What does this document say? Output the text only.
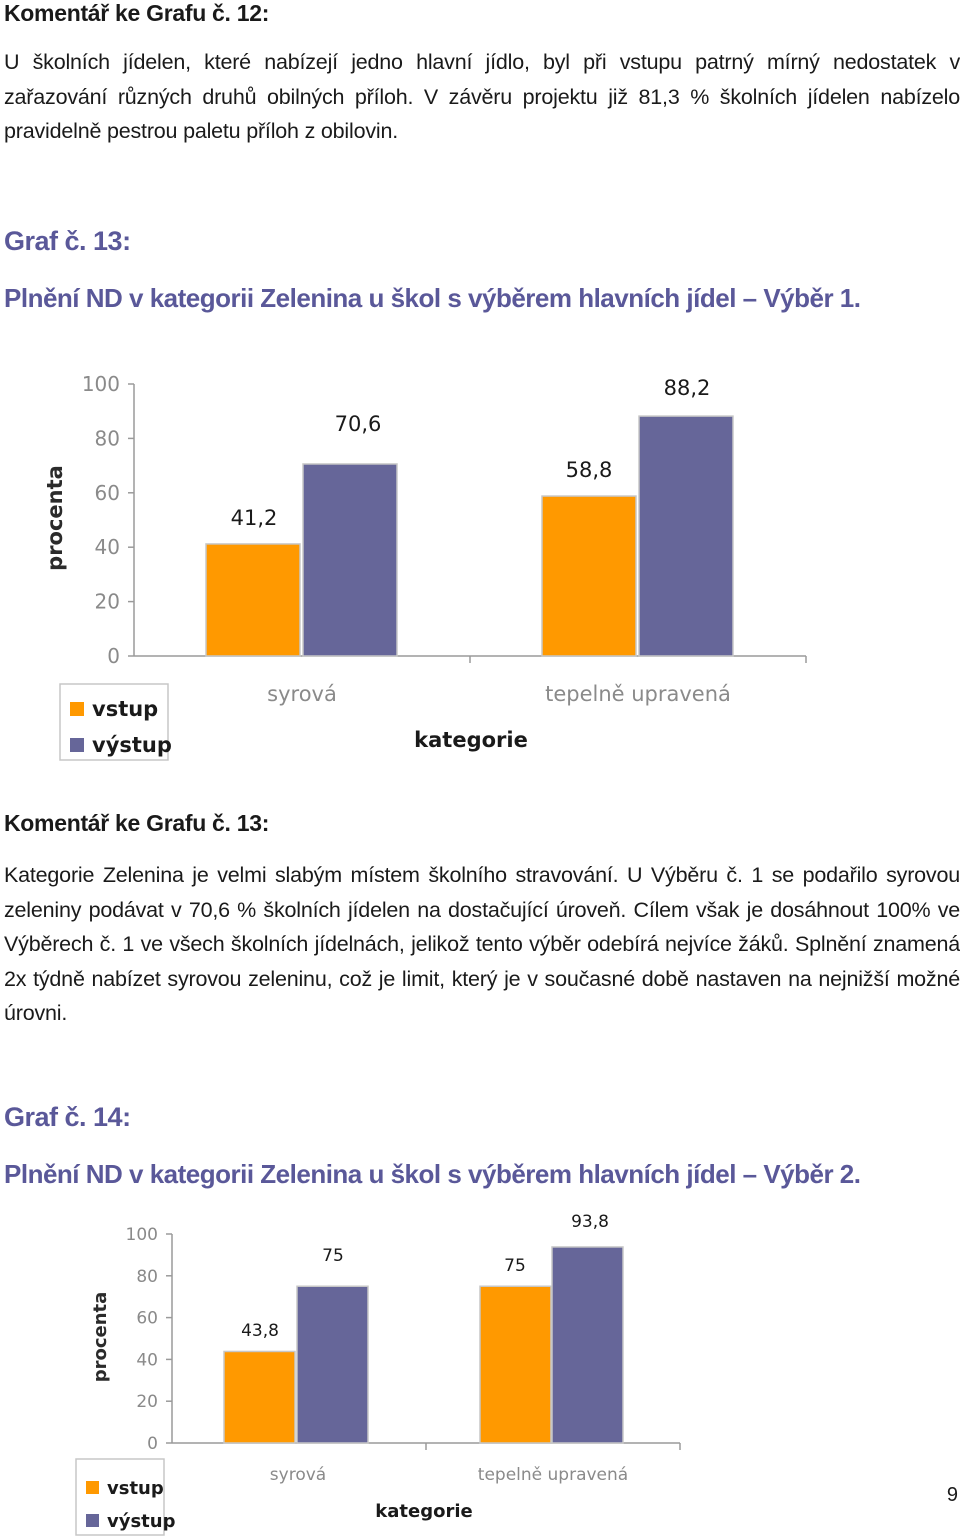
Komentář ke Grafu č. 12:
U školních jídelen, které nabízejí jedno hlavní jídlo, byl při vstupu patrný mírný nedostatek v zařazování různých druhů obilných příloh. V závěru projektu již 81,3 % školních jídelen nabízelo pravidelně pestrou paletu příloh z obilovin.
Graf č. 13:
Plnění ND v kategorii Zelenina u škol s výběrem hlavních jídel – Výběr 1.
0
20
40
60
80
100
41,2
70,6
syrová
58,8
88,2
tepelně upravená
kategorie
procenta
vstup
výstup
Komentář ke Grafu č. 13:
Kategorie Zelenina je velmi slabým místem školního stravování. U Výběru č. 1 se podařilo syrovou zeleniny podávat v 70,6 % školních jídelen na dostačující úroveň. Cílem však je dosáhnout 100% ve Výběrech č. 1 ve všech školních jídelnách, jelikož tento výběr odebírá nejvíce žáků. Splnění znamená 2x týdně nabízet syrovou zeleninu, což je limit, který je v současné době nastaven na nejnižší možné úrovni.
Graf č. 14:
Plnění ND v kategorii Zelenina u škol s výběrem hlavních jídel – Výběr 2.
0
20
40
60
80
100
43,8
75
syrová
75
93,8
tepelně upravená
kategorie
procenta
vstup
výstup
9
